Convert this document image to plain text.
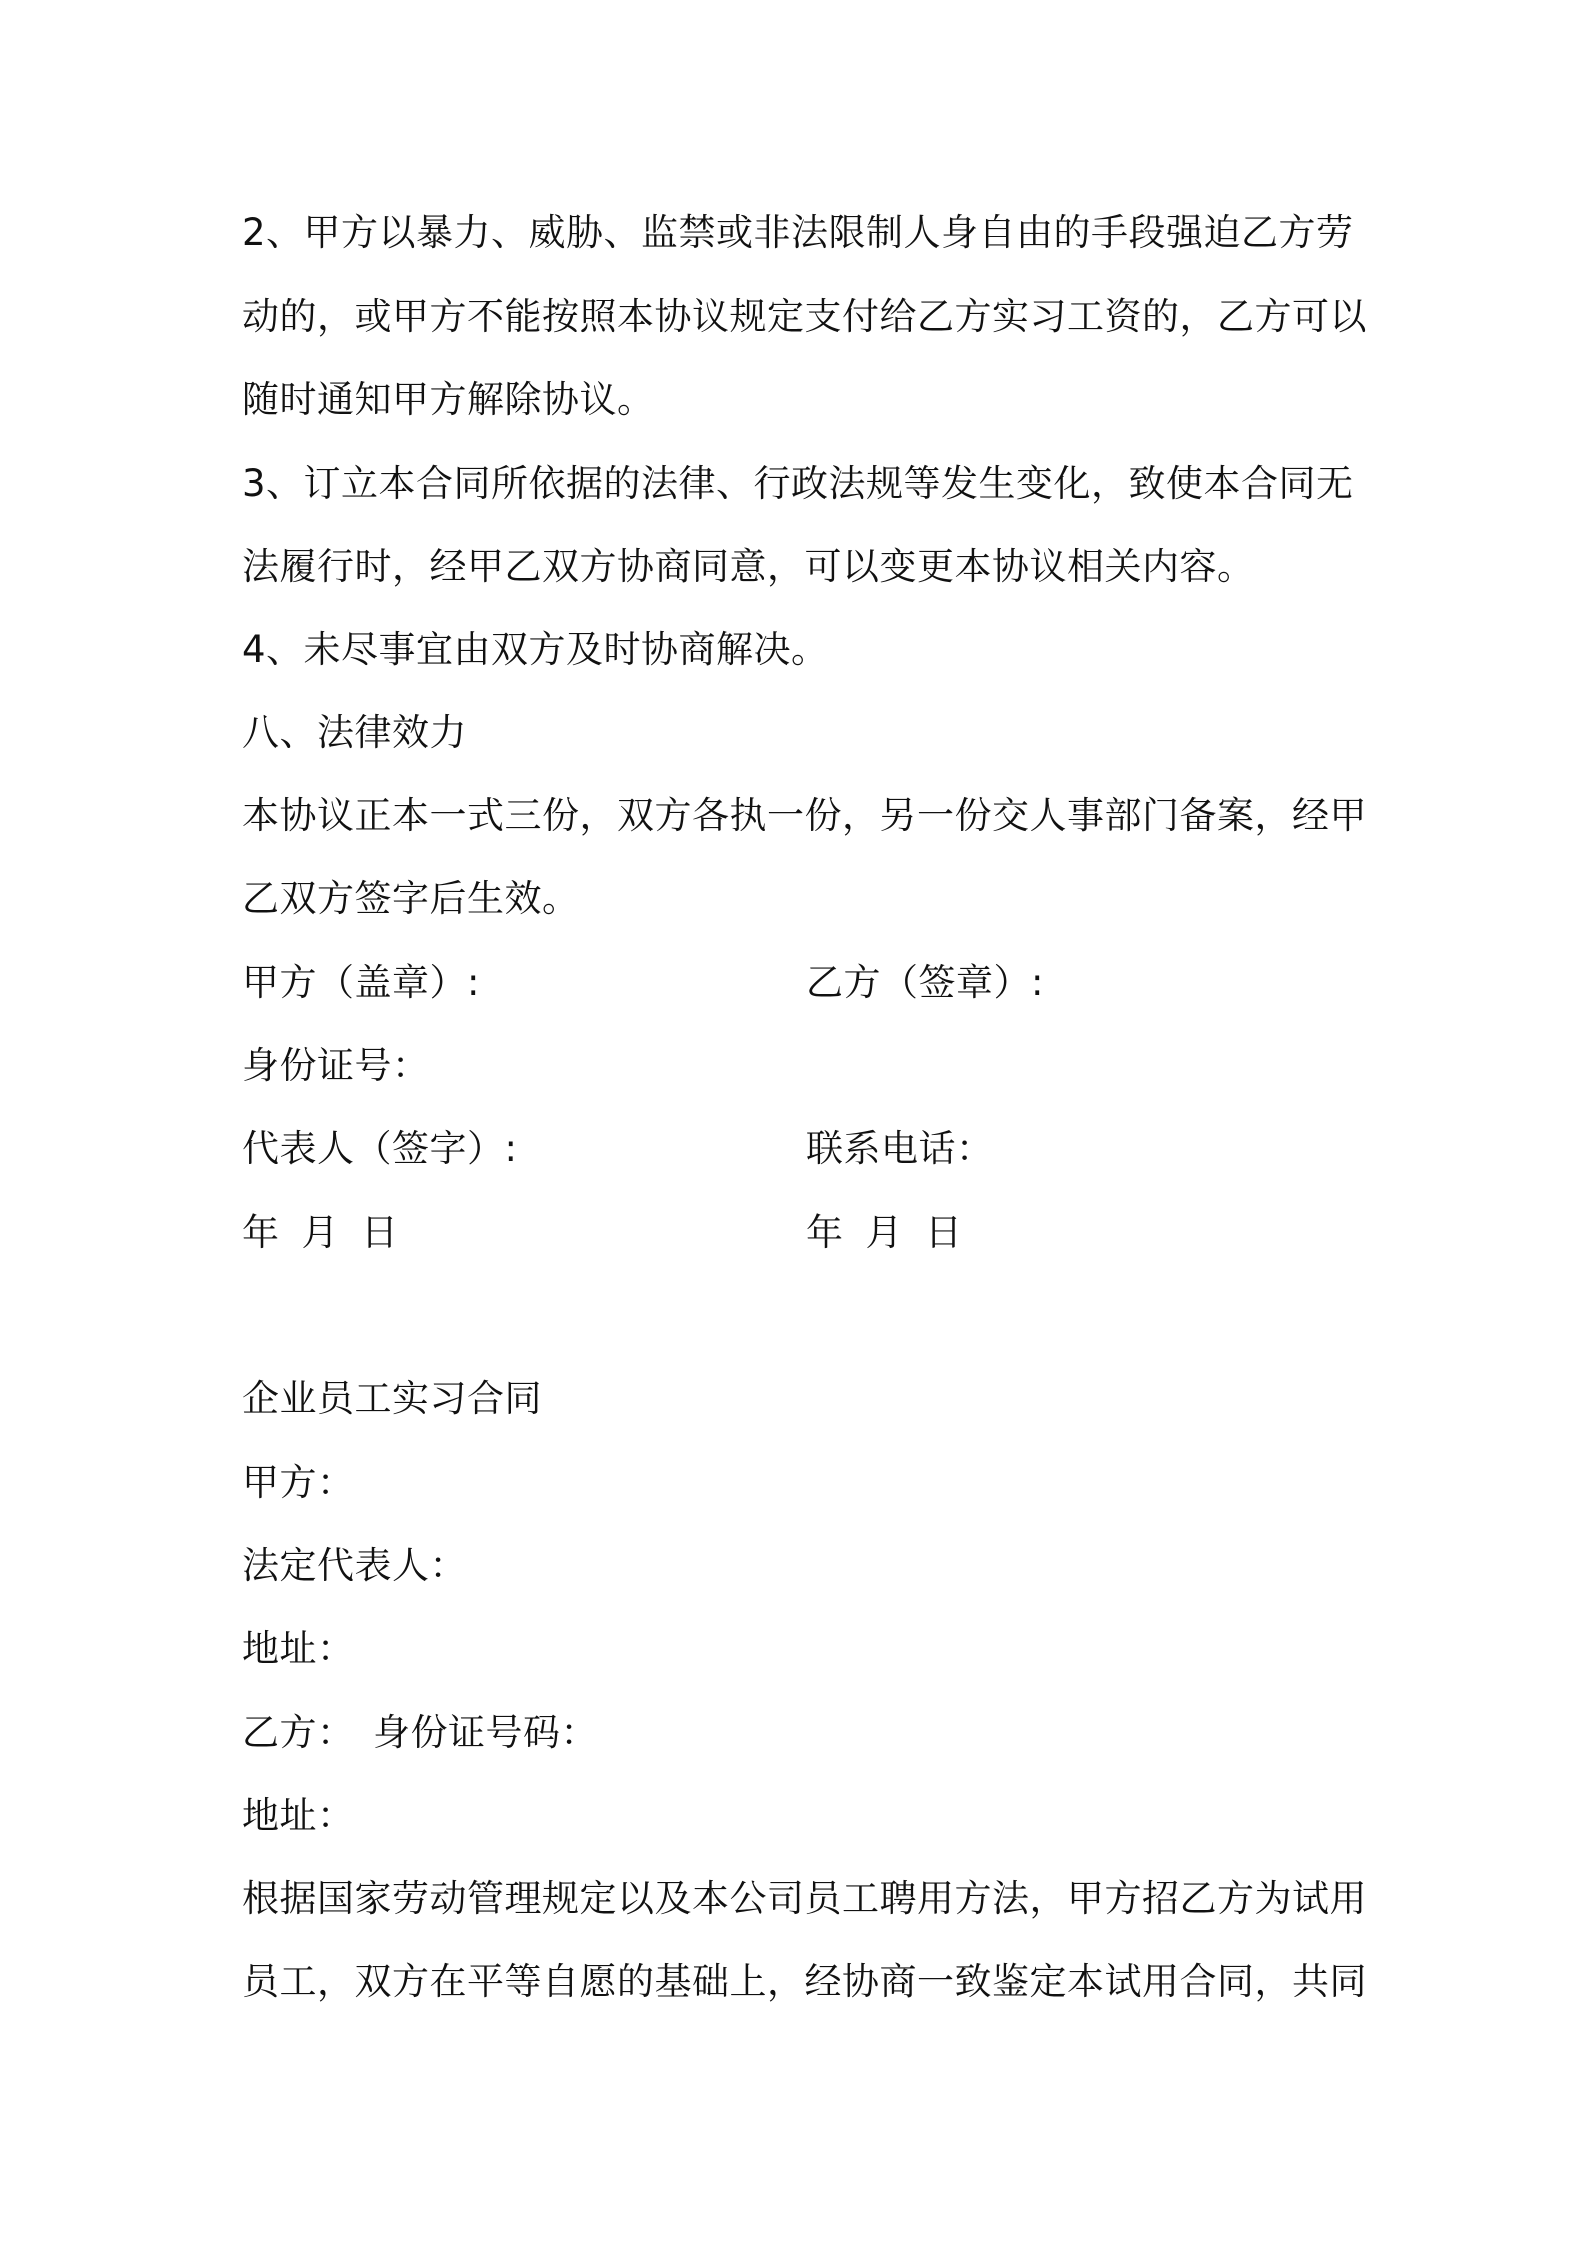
2、甲方以暴力、威胁、监禁或非法限制人身自由的手段强迫乙方劳
动的，或甲方不能按照本协议规定支付给乙方实习工资的，乙方可以
随时通知甲方解除协议。
3、订立本合同所依据的法律、行政法规等发生变化，致使本合同无
法履行时，经甲乙双方协商同意，可以变更本协议相关内容。
4、未尽事宜由双方及时协商解决。
八、法律效力
本协议正本一式三份，双方各执一份，另一份交人事部门备案，经甲
乙双方签字后生效。
甲方（盖章）:	乙方（签章）:
身份证号：
代表人（签字）:	联系电话：
年 月 日	年 月 日
企业员工实习合同
甲方：
法定代表人：
地址：
乙方： 身份证号码：
地址：
根据国家劳动管理规定以及本公司员工聘用方法，甲方招乙方为试用
员工，双方在平等自愿的基础上，经协商一致鉴定本试用合同，共同
